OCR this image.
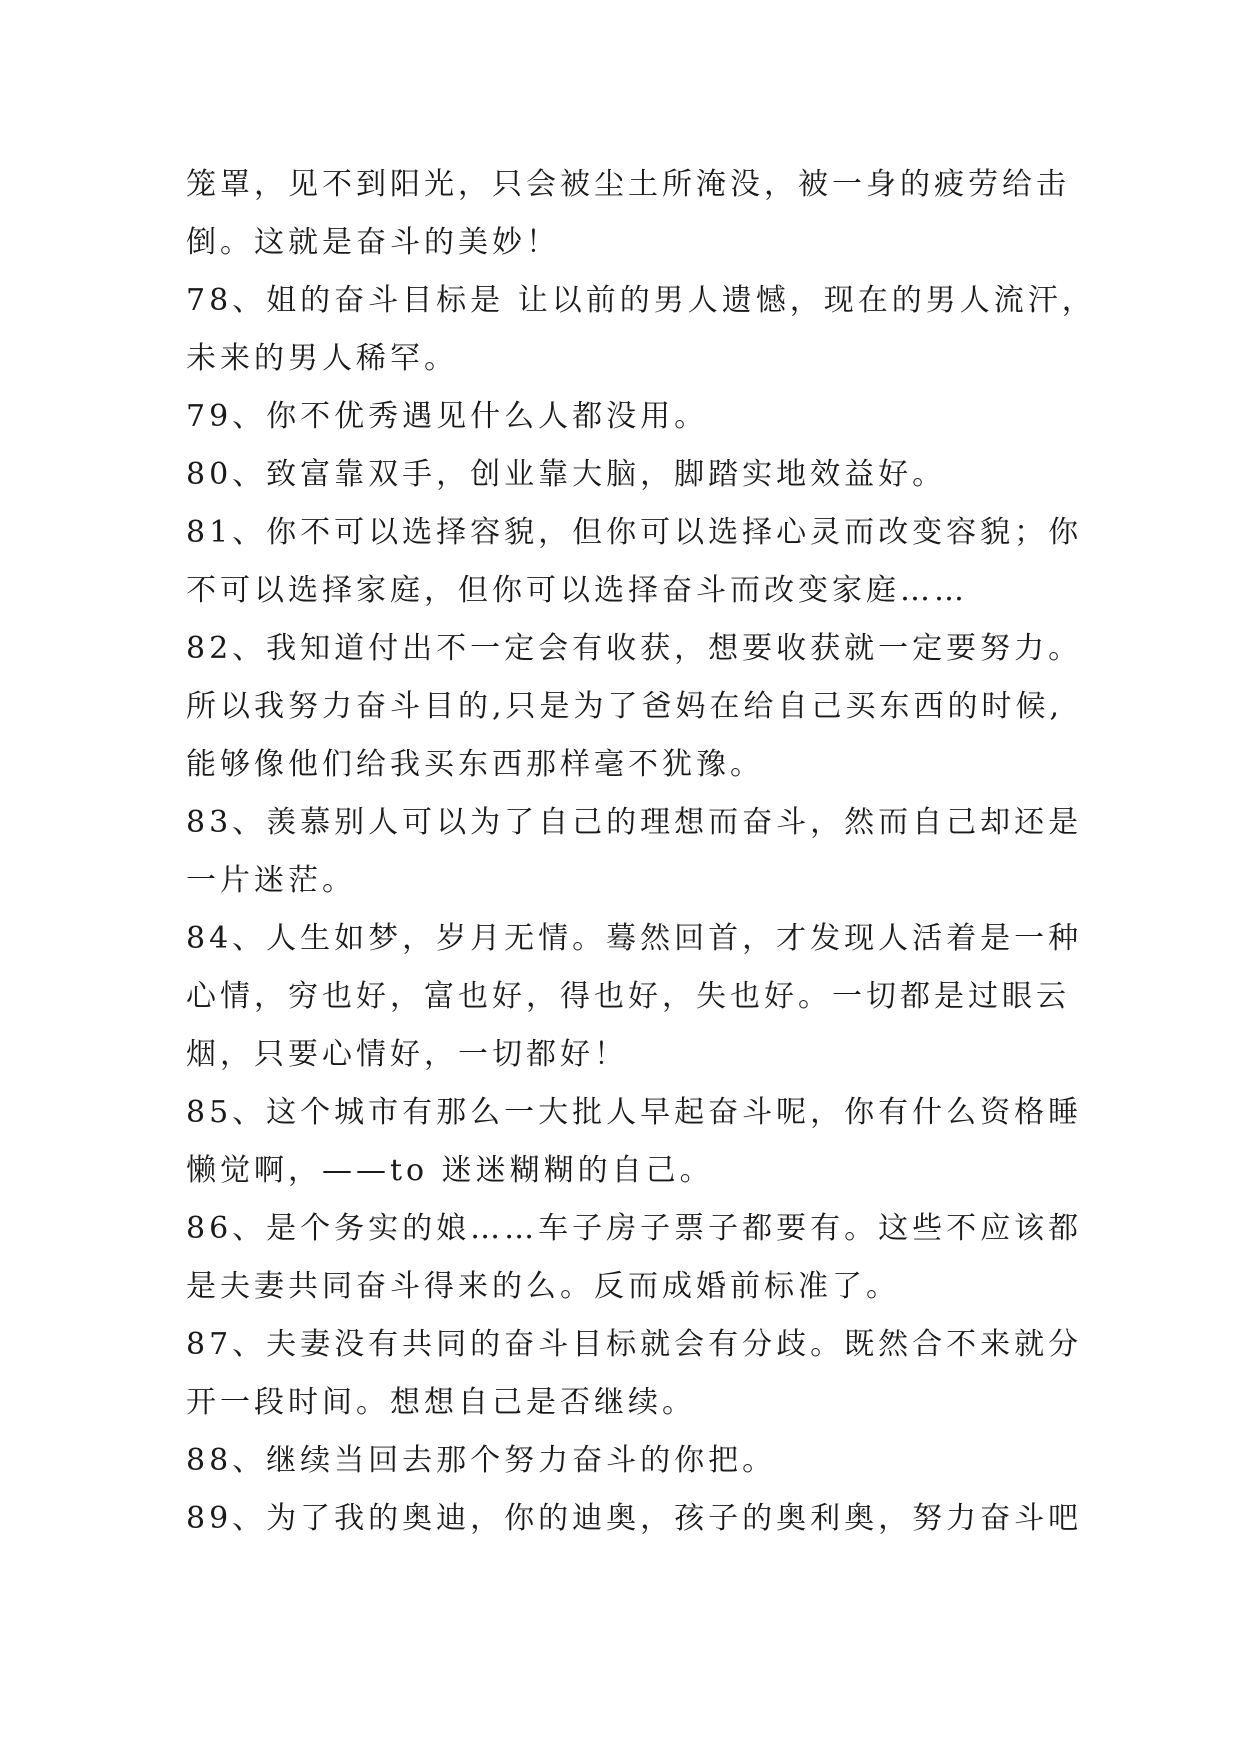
笼罩，见不到阳光，只会被尘土所淹没，被一身的疲劳给击
倒。这就是奋斗的美妙！
78、姐的奋斗目标是 让以前的男人遗憾，现在的男人流汗，
未来的男人稀罕。
79、你不优秀遇见什么人都没用。
80、致富靠双手，创业靠大脑，脚踏实地效益好。
81、你不可以选择容貌，但你可以选择心灵而改变容貌；你
不可以选择家庭，但你可以选择奋斗而改变家庭……
82、我知道付出不一定会有收获，想要收获就一定要努力。
所以我努力奋斗目的,只是为了爸妈在给自己买东西的时候,
能够像他们给我买东西那样毫不犹豫。
83、羡慕别人可以为了自己的理想而奋斗，然而自己却还是
一片迷茫。
84、人生如梦，岁月无情。蓦然回首，才发现人活着是一种
心情，穷也好，富也好，得也好，失也好。一切都是过眼云
烟，只要心情好，一切都好！
85、这个城市有那么一大批人早起奋斗呢，你有什么资格睡
懒觉啊，——to 迷迷糊糊的自己。
86、是个务实的娘……车子房子票子都要有。这些不应该都
是夫妻共同奋斗得来的么。反而成婚前标准了。
87、夫妻没有共同的奋斗目标就会有分歧。既然合不来就分
开一段时间。想想自己是否继续。
88、继续当回去那个努力奋斗的你把。
89、为了我的奥迪，你的迪奥，孩子的奥利奥，努力奋斗吧
